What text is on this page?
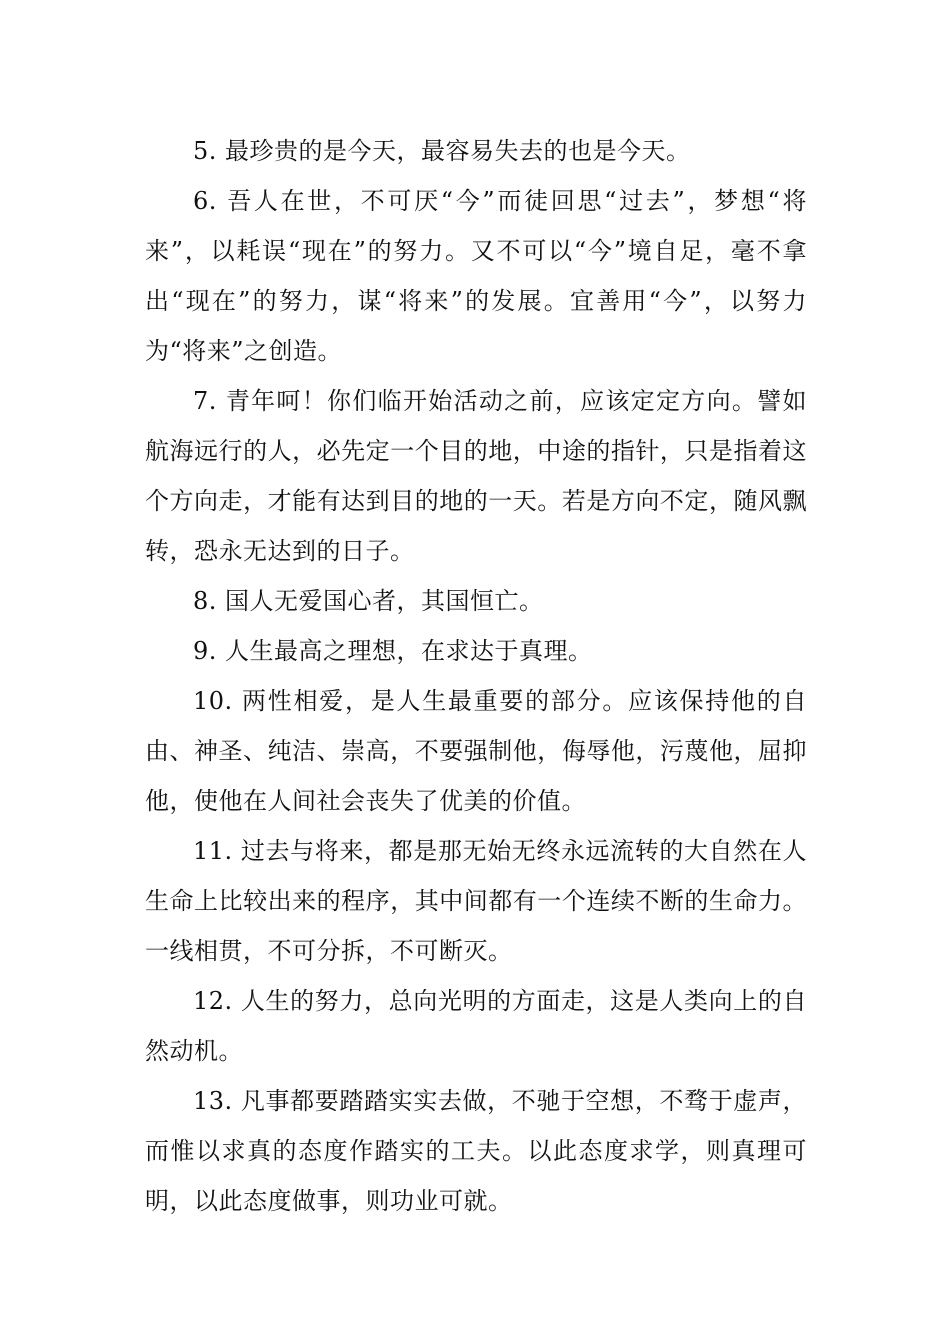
5. 最珍贵的是今天，最容易失去的也是今天。

6. 吾人在世，不可厌“今”而徒回思“过去”，梦想“将来”，以耗误“现在”的努力。又不可以“今”境自足，毫不拿出“现在”的努力，谋“将来”的发展。宜善用“今”，以努力为“将来”之创造。

7. 青年呵！你们临开始活动之前，应该定定方向。譬如航海远行的人，必先定一个目的地，中途的指针，只是指着这个方向走，才能有达到目的地的一天。若是方向不定，随风飘转，恐永无达到的日子。

8. 国人无爱国心者，其国恒亡。

9. 人生最高之理想，在求达于真理。

10. 两性相爱，是人生最重要的部分。应该保持他的自由、神圣、纯洁、崇高，不要强制他，侮辱他，污蔑他，屈抑他，使他在人间社会丧失了优美的价值。

11. 过去与将来，都是那无始无终永远流转的大自然在人生命上比较出来的程序，其中间都有一个连续不断的生命力。一线相贯，不可分拆，不可断灭。

12. 人生的努力，总向光明的方面走，这是人类向上的自然动机。

13. 凡事都要踏踏实实去做，不驰于空想，不骛于虚声，而惟以求真的态度作踏实的工夫。以此态度求学，则真理可明，以此态度做事，则功业可就。
